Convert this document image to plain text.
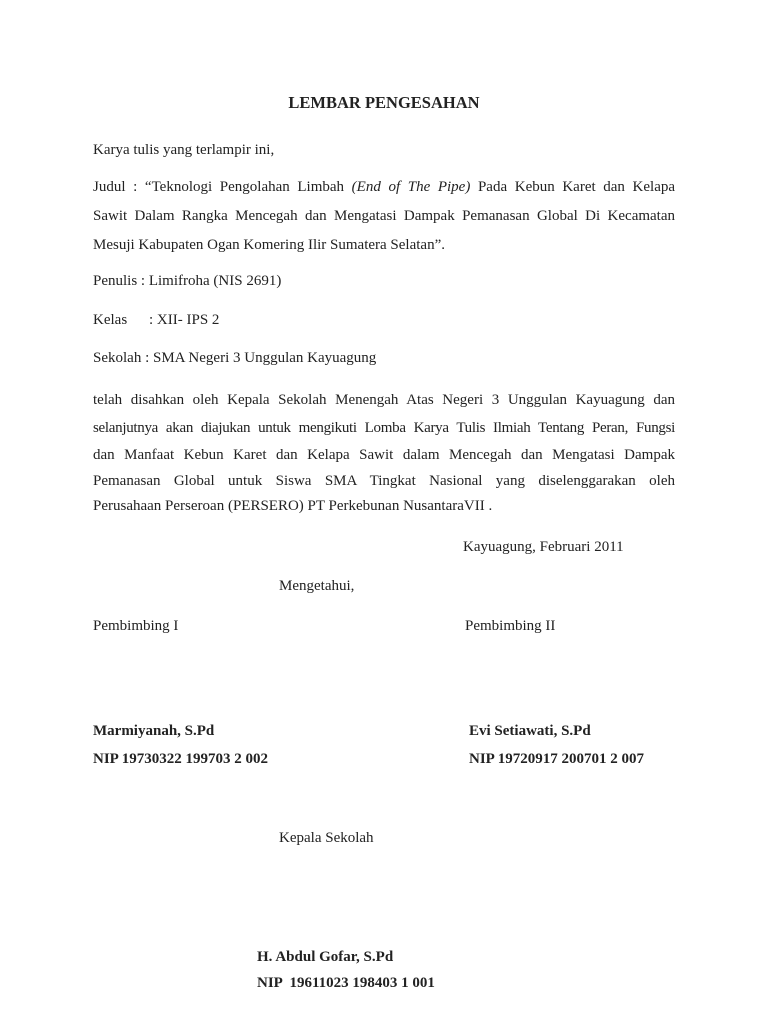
LEMBAR PENGESAHAN
Karya tulis yang terlampir ini,
Judul : “Teknologi Pengolahan Limbah (End of The Pipe) Pada Kebun Karet dan Kelapa
Sawit Dalam Rangka Mencegah dan Mengatasi Dampak Pemanasan Global Di Kecamatan
Mesuji Kabupaten Ogan Komering Ilir Sumatera Selatan”.
Penulis : Limifroha (NIS 2691)
Kelas : XII- IPS 2
Sekolah : SMA Negeri 3 Unggulan Kayuagung
telah disahkan oleh Kepala Sekolah Menengah Atas Negeri 3 Unggulan Kayuagung dan
selanjutnya akan diajukan untuk mengikuti Lomba Karya Tulis Ilmiah Tentang Peran, Fungsi
dan Manfaat Kebun Karet dan Kelapa Sawit dalam Mencegah dan Mengatasi Dampak
Pemanasan Global untuk Siswa SMA Tingkat Nasional yang diselenggarakan oleh
Perusahaan Perseroan (PERSERO) PT Perkebunan NusantaraVII .
Kayuagung, Februari 2011
Mengetahui,
Pembimbing I	Pembimbing II
Marmiyanah, S.Pd
NIP 19730322 199703 2 002
Evi Setiawati, S.Pd
NIP 19720917 200701 2 007
Kepala Sekolah
H. Abdul Gofar, S.Pd
NIP  19611023 198403 1 001
